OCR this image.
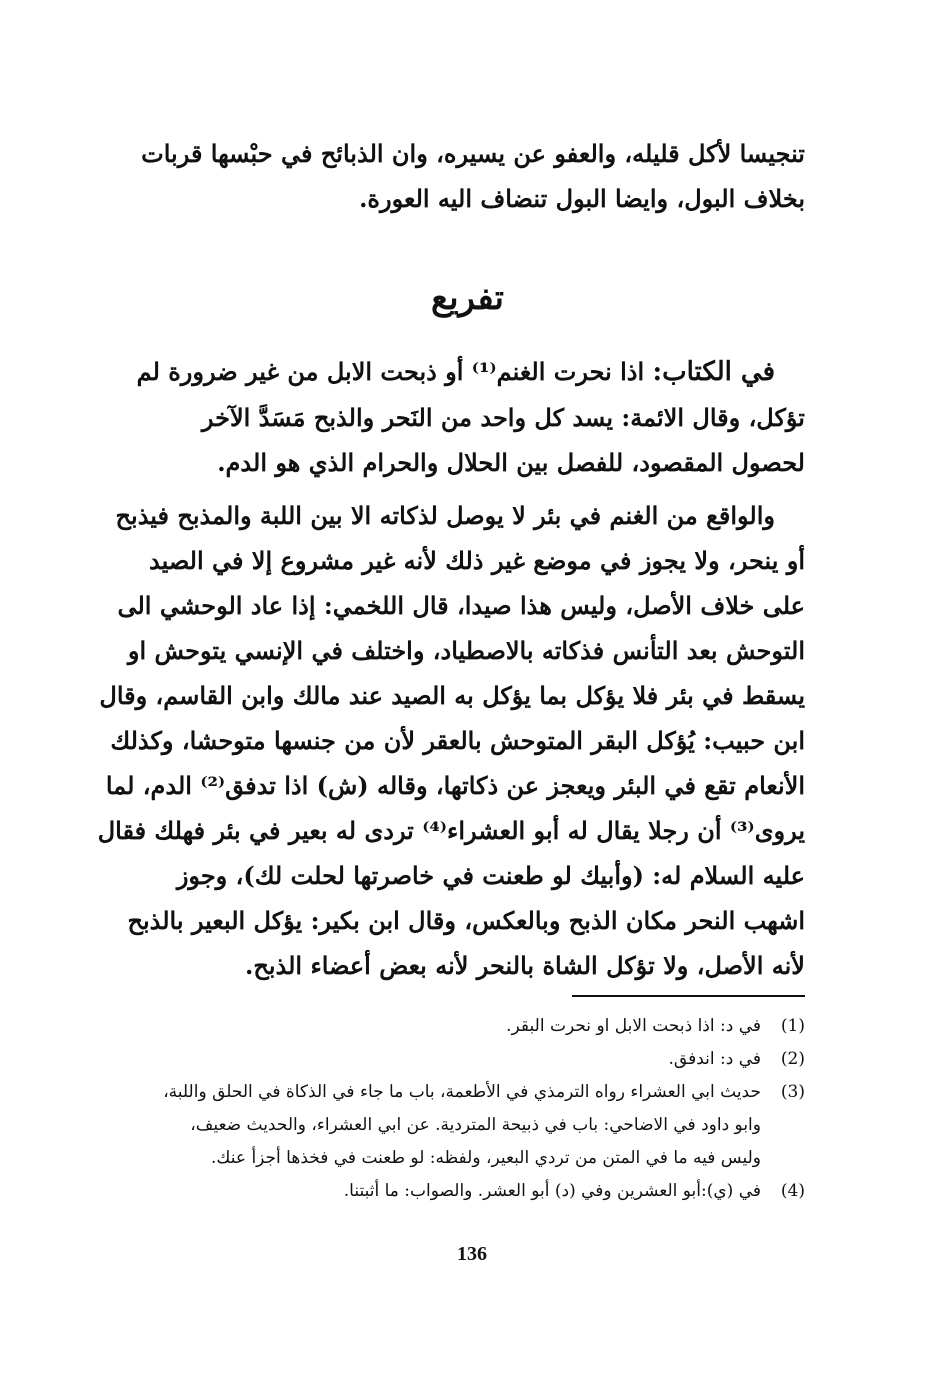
تنجيسا لأكل قليله، والعفو عن يسيره، وان الذبائح في حبْسها قربات
بخلاف البول، وايضا البول تنضاف اليه العورة.
تفريع
في الكتاب: اذا نحرت الغنم⁽¹⁾ أو ذبحت الابل من غير ضرورة لم
تؤكل، وقال الائمة: يسد كل واحد من النَحر والذبح مَسَدَّ الآخر
لحصول المقصود، للفصل بين الحلال والحرام الذي هو الدم.
والواقع من الغنم في بئر لا يوصل لذكاته الا بين اللبة والمذبح فيذبح
أو ينحر، ولا يجوز في موضع غير ذلك لأنه غير مشروع إلا في الصيد
على خلاف الأصل، وليس هذا صيدا، قال اللخمي: إذا عاد الوحشي الى
التوحش بعد التأنس فذكاته بالاصطياد، واختلف في الإنسي يتوحش او
يسقط في بئر فلا يؤكل بما يؤكل به الصيد عند مالك وابن القاسم، وقال
ابن حبيب: يُؤكل البقر المتوحش بالعقر لأن من جنسها متوحشا، وكذلك
الأنعام تقع في البئر ويعجز عن ذكاتها، وقاله (ش) اذا تدفق⁽²⁾ الدم، لما
يروى⁽³⁾ أن رجلا يقال له أبو العشراء⁽⁴⁾ تردى له بعير في بئر فهلك فقال
عليه السلام له: (وأبيك لو طعنت في خاصرتها لحلت لك)، وجوز
اشهب النحر مكان الذبح وبالعكس، وقال ابن بكير: يؤكل البعير بالذبح
لأنه الأصل، ولا تؤكل الشاة بالنحر لأنه بعض أعضاء الذبح.
(1)
في د: اذا ذبحت الابل او نحرت البقر.
(2)
في د: اندفق.
(3)
حديث ابي العشراء رواه الترمذي في الأطعمة، باب ما جاء في الذكاة في الحلق واللبة،
وابو داود في الاضاحي: باب في ذبيحة المتردية. عن ابي العشراء، والحديث ضعيف،
وليس فيه ما في المتن من تردي البعير، ولفظه: لو طعنت في فخذها أجزأ عنك.
(4)
في (ي):أبو العشرين وفي (د) أبو العشر. والصواب: ما أثبتنا.
136
